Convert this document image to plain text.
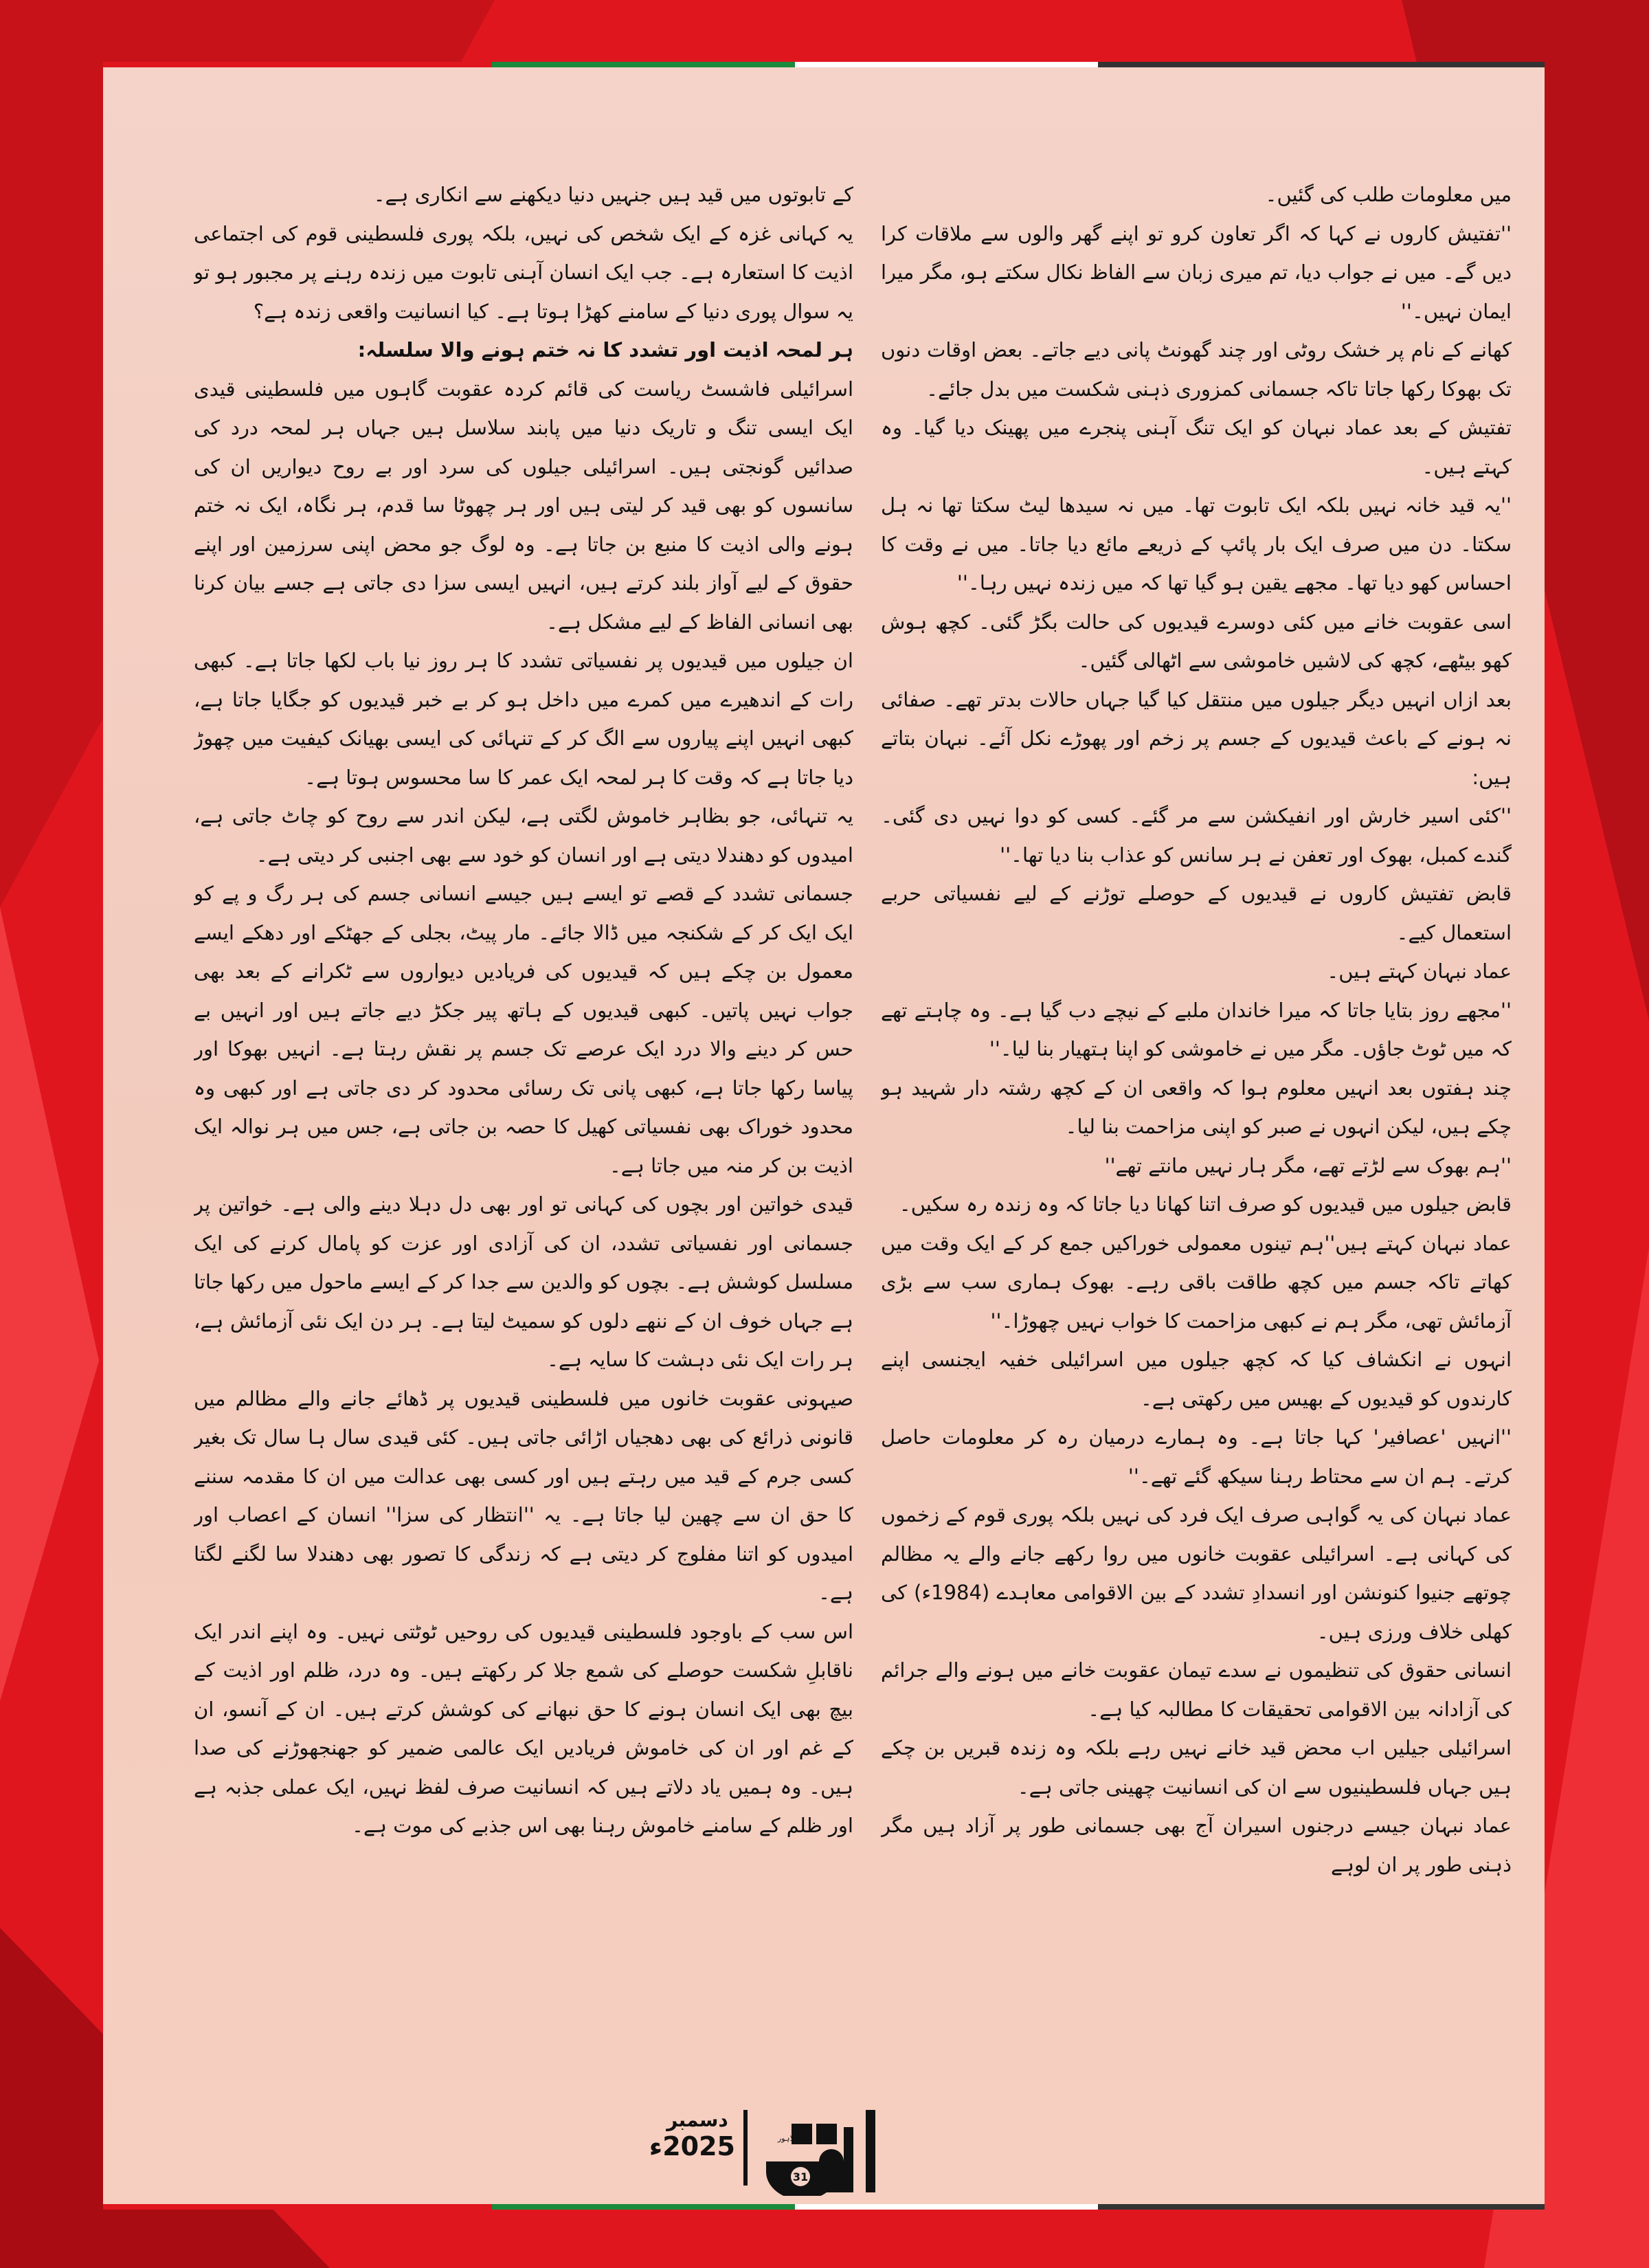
میں معلومات طلب کی گئیں۔

''تفتیش کاروں نے کہا کہ اگر تعاون کرو تو اپنے گھر والوں سے ملاقات کرا دیں گے۔ میں نے جواب دیا، تم میری زبان سے الفاظ نکال سکتے ہو، مگر میرا ایمان نہیں۔''

کھانے کے نام پر خشک روٹی اور چند گھونٹ پانی دیے جاتے۔ بعض اوقات دنوں تک بھوکا رکھا جاتا تاکہ جسمانی کمزوری ذہنی شکست میں بدل جائے۔

تفتیش کے بعد عماد نبہان کو ایک تنگ آہنی پنجرے میں پھینک دیا گیا۔ وہ کہتے ہیں۔

''یہ قید خانہ نہیں بلکہ ایک تابوت تھا۔ میں نہ سیدھا لیٹ سکتا تھا نہ ہل سکتا۔ دن میں صرف ایک بار پائپ کے ذریعے مائع دیا جاتا۔ میں نے وقت کا احساس کھو دیا تھا۔ مجھے یقین ہو گیا تھا کہ میں زندہ نہیں رہا۔''

اسی عقوبت خانے میں کئی دوسرے قیدیوں کی حالت بگڑ گئی۔ کچھ ہوش کھو بیٹھے، کچھ کی لاشیں خاموشی سے اٹھالی گئیں۔

بعد ازاں انہیں دیگر جیلوں میں منتقل کیا گیا جہاں حالات بدتر تھے۔ صفائی نہ ہونے کے باعث قیدیوں کے جسم پر زخم اور پھوڑے نکل آئے۔ نبہان بتاتے ہیں:

''کئی اسیر خارش اور انفیکشن سے مر گئے۔ کسی کو دوا نہیں دی گئی۔ گندے کمبل، بھوک اور تعفن نے ہر سانس کو عذاب بنا دیا تھا۔''

قابض تفتیش کاروں نے قیدیوں کے حوصلے توڑنے کے لیے نفسیاتی حربے استعمال کیے۔

عماد نبہان کہتے ہیں۔

''مجھے روز بتایا جاتا کہ میرا خاندان ملبے کے نیچے دب گیا ہے۔ وہ چاہتے تھے کہ میں ٹوٹ جاؤں۔ مگر میں نے خاموشی کو اپنا ہتھیار بنا لیا۔''

چند ہفتوں بعد انہیں معلوم ہوا کہ واقعی ان کے کچھ رشتہ دار شہید ہو چکے ہیں، لیکن انہوں نے صبر کو اپنی مزاحمت بنا لیا۔

''ہم بھوک سے لڑتے تھے، مگر ہار نہیں مانتے تھے''

قابض جیلوں میں قیدیوں کو صرف اتنا کھانا دیا جاتا کہ وہ زندہ رہ سکیں۔

عماد نبہان کہتے ہیں''ہم تینوں معمولی خوراکیں جمع کر کے ایک وقت میں کھاتے تاکہ جسم میں کچھ طاقت باقی رہے۔ بھوک ہماری سب سے بڑی آزمائش تھی، مگر ہم نے کبھی مزاحمت کا خواب نہیں چھوڑا۔''

انہوں نے انکشاف کیا کہ کچھ جیلوں میں اسرائیلی خفیہ ایجنسی اپنے کارندوں کو قیدیوں کے بھیس میں رکھتی ہے۔

''انہیں 'عصافیر' کہا جاتا ہے۔ وہ ہمارے درمیان رہ کر معلومات حاصل کرتے۔ ہم ان سے محتاط رہنا سیکھ گئے تھے۔''

عماد نبہان کی یہ گواہی صرف ایک فرد کی نہیں بلکہ پوری قوم کے زخموں کی کہانی ہے۔ اسرائیلی عقوبت خانوں میں روا رکھے جانے والے یہ مظالم چوتھے جنیوا کنونشن اور انسدادِ تشدد کے بین الاقوامی معاہدے (1984ء) کی کھلی خلاف ورزی ہیں۔

انسانی حقوق کی تنظیموں نے سدے تیمان عقوبت خانے میں ہونے والے جرائم کی آزادانہ بین الاقوامی تحقیقات کا مطالبہ کیا ہے۔

اسرائیلی جیلیں اب محض قید خانے نہیں رہے بلکہ وہ زندہ قبریں بن چکے ہیں جہاں فلسطینیوں سے ان کی انسانیت چھینی جاتی ہے۔

عماد نبہان جیسے درجنوں اسیران آج بھی جسمانی طور پر آزاد ہیں مگر ذہنی طور پر ان لوہے

کے تابوتوں میں قید ہیں جنہیں دنیا دیکھنے سے انکاری ہے۔

یہ کہانی غزہ کے ایک شخص کی نہیں، بلکہ پوری فلسطینی قوم کی اجتماعی اذیت کا استعارہ ہے۔ جب ایک انسان آہنی تابوت میں زندہ رہنے پر مجبور ہو تو یہ سوال پوری دنیا کے سامنے کھڑا ہوتا ہے۔ کیا انسانیت واقعی زندہ ہے؟

ہر لمحہ اذیت اور تشدد کا نہ ختم ہونے والا سلسلہ:

اسرائیلی فاشسٹ ریاست کی قائم کردہ عقوبت گاہوں میں فلسطینی قیدی ایک ایسی تنگ و تاریک دنیا میں پابند سلاسل ہیں جہاں ہر لمحہ درد کی صدائیں گونجتی ہیں۔ اسرائیلی جیلوں کی سرد اور بے روح دیواریں ان کی سانسوں کو بھی قید کر لیتی ہیں اور ہر چھوٹا سا قدم، ہر نگاہ، ایک نہ ختم ہونے والی اذیت کا منبع بن جاتا ہے۔ وہ لوگ جو محض اپنی سرزمین اور اپنے حقوق کے لیے آواز بلند کرتے ہیں، انہیں ایسی سزا دی جاتی ہے جسے بیان کرنا بھی انسانی الفاظ کے لیے مشکل ہے۔

ان جیلوں میں قیدیوں پر نفسیاتی تشدد کا ہر روز نیا باب لکھا جاتا ہے۔ کبھی رات کے اندھیرے میں کمرے میں داخل ہو کر بے خبر قیدیوں کو جگایا جاتا ہے، کبھی انہیں اپنے پیاروں سے الگ کر کے تنہائی کی ایسی بھیانک کیفیت میں چھوڑ دیا جاتا ہے کہ وقت کا ہر لمحہ ایک عمر کا سا محسوس ہوتا ہے۔

یہ تنہائی، جو بظاہر خاموش لگتی ہے، لیکن اندر سے روح کو چاٹ جاتی ہے، امیدوں کو دھندلا دیتی ہے اور انسان کو خود سے بھی اجنبی کر دیتی ہے۔

جسمانی تشدد کے قصے تو ایسے ہیں جیسے انسانی جسم کی ہر رگ و پے کو ایک ایک کر کے شکنجہ میں ڈالا جائے۔ مار پیٹ، بجلی کے جھٹکے اور دھکے ایسے معمول بن چکے ہیں کہ قیدیوں کی فریادیں دیواروں سے ٹکرانے کے بعد بھی جواب نہیں پاتیں۔ کبھی قیدیوں کے ہاتھ پیر جکڑ دیے جاتے ہیں اور انہیں بے حس کر دینے والا درد ایک عرصے تک جسم پر نقش رہتا ہے۔ انہیں بھوکا اور پیاسا رکھا جاتا ہے، کبھی پانی تک رسائی محدود کر دی جاتی ہے اور کبھی وہ محدود خوراک بھی نفسیاتی کھیل کا حصہ بن جاتی ہے، جس میں ہر نوالہ ایک اذیت بن کر منہ میں جاتا ہے۔

قیدی خواتین اور بچوں کی کہانی تو اور بھی دل دہلا دینے والی ہے۔ خواتین پر جسمانی اور نفسیاتی تشدد، ان کی آزادی اور عزت کو پامال کرنے کی ایک مسلسل کوشش ہے۔ بچوں کو والدین سے جدا کر کے ایسے ماحول میں رکھا جاتا ہے جہاں خوف ان کے ننھے دلوں کو سمیٹ لیتا ہے۔ ہر دن ایک نئی آزمائش ہے، ہر رات ایک نئی دہشت کا سایہ ہے۔

صیہونی عقوبت خانوں میں فلسطینی قیدیوں پر ڈھائے جانے والے مظالم میں قانونی ذرائع کی بھی دھجیاں اڑائی جاتی ہیں۔ کئی قیدی سال ہا سال تک بغیر کسی جرم کے قید میں رہتے ہیں اور کسی بھی عدالت میں ان کا مقدمہ سننے کا حق ان سے چھین لیا جاتا ہے۔ یہ ''انتظار کی سزا'' انسان کے اعصاب اور امیدوں کو اتنا مفلوج کر دیتی ہے کہ زندگی کا تصور بھی دھندلا سا لگنے لگتا ہے۔

اس سب کے باوجود فلسطینی قیدیوں کی روحیں ٹوٹتی نہیں۔ وہ اپنے اندر ایک ناقابلِ شکست حوصلے کی شمع جلا کر رکھتے ہیں۔ وہ درد، ظلم اور اذیت کے بیچ بھی ایک انسان ہونے کا حق نبھانے کی کوشش کرتے ہیں۔ ان کے آنسو، ان کے غم اور ان کی خاموش فریادیں ایک عالمی ضمیر کو جھنجھوڑنے کی صدا ہیں۔ وہ ہمیں یاد دلاتے ہیں کہ انسانیت صرف لفظ نہیں، ایک عملی جذبہ ہے اور ظلم کے سامنے خاموش رہنا بھی اس جذبے کی موت ہے۔

دسمبر
2025ء
31
لاہور
